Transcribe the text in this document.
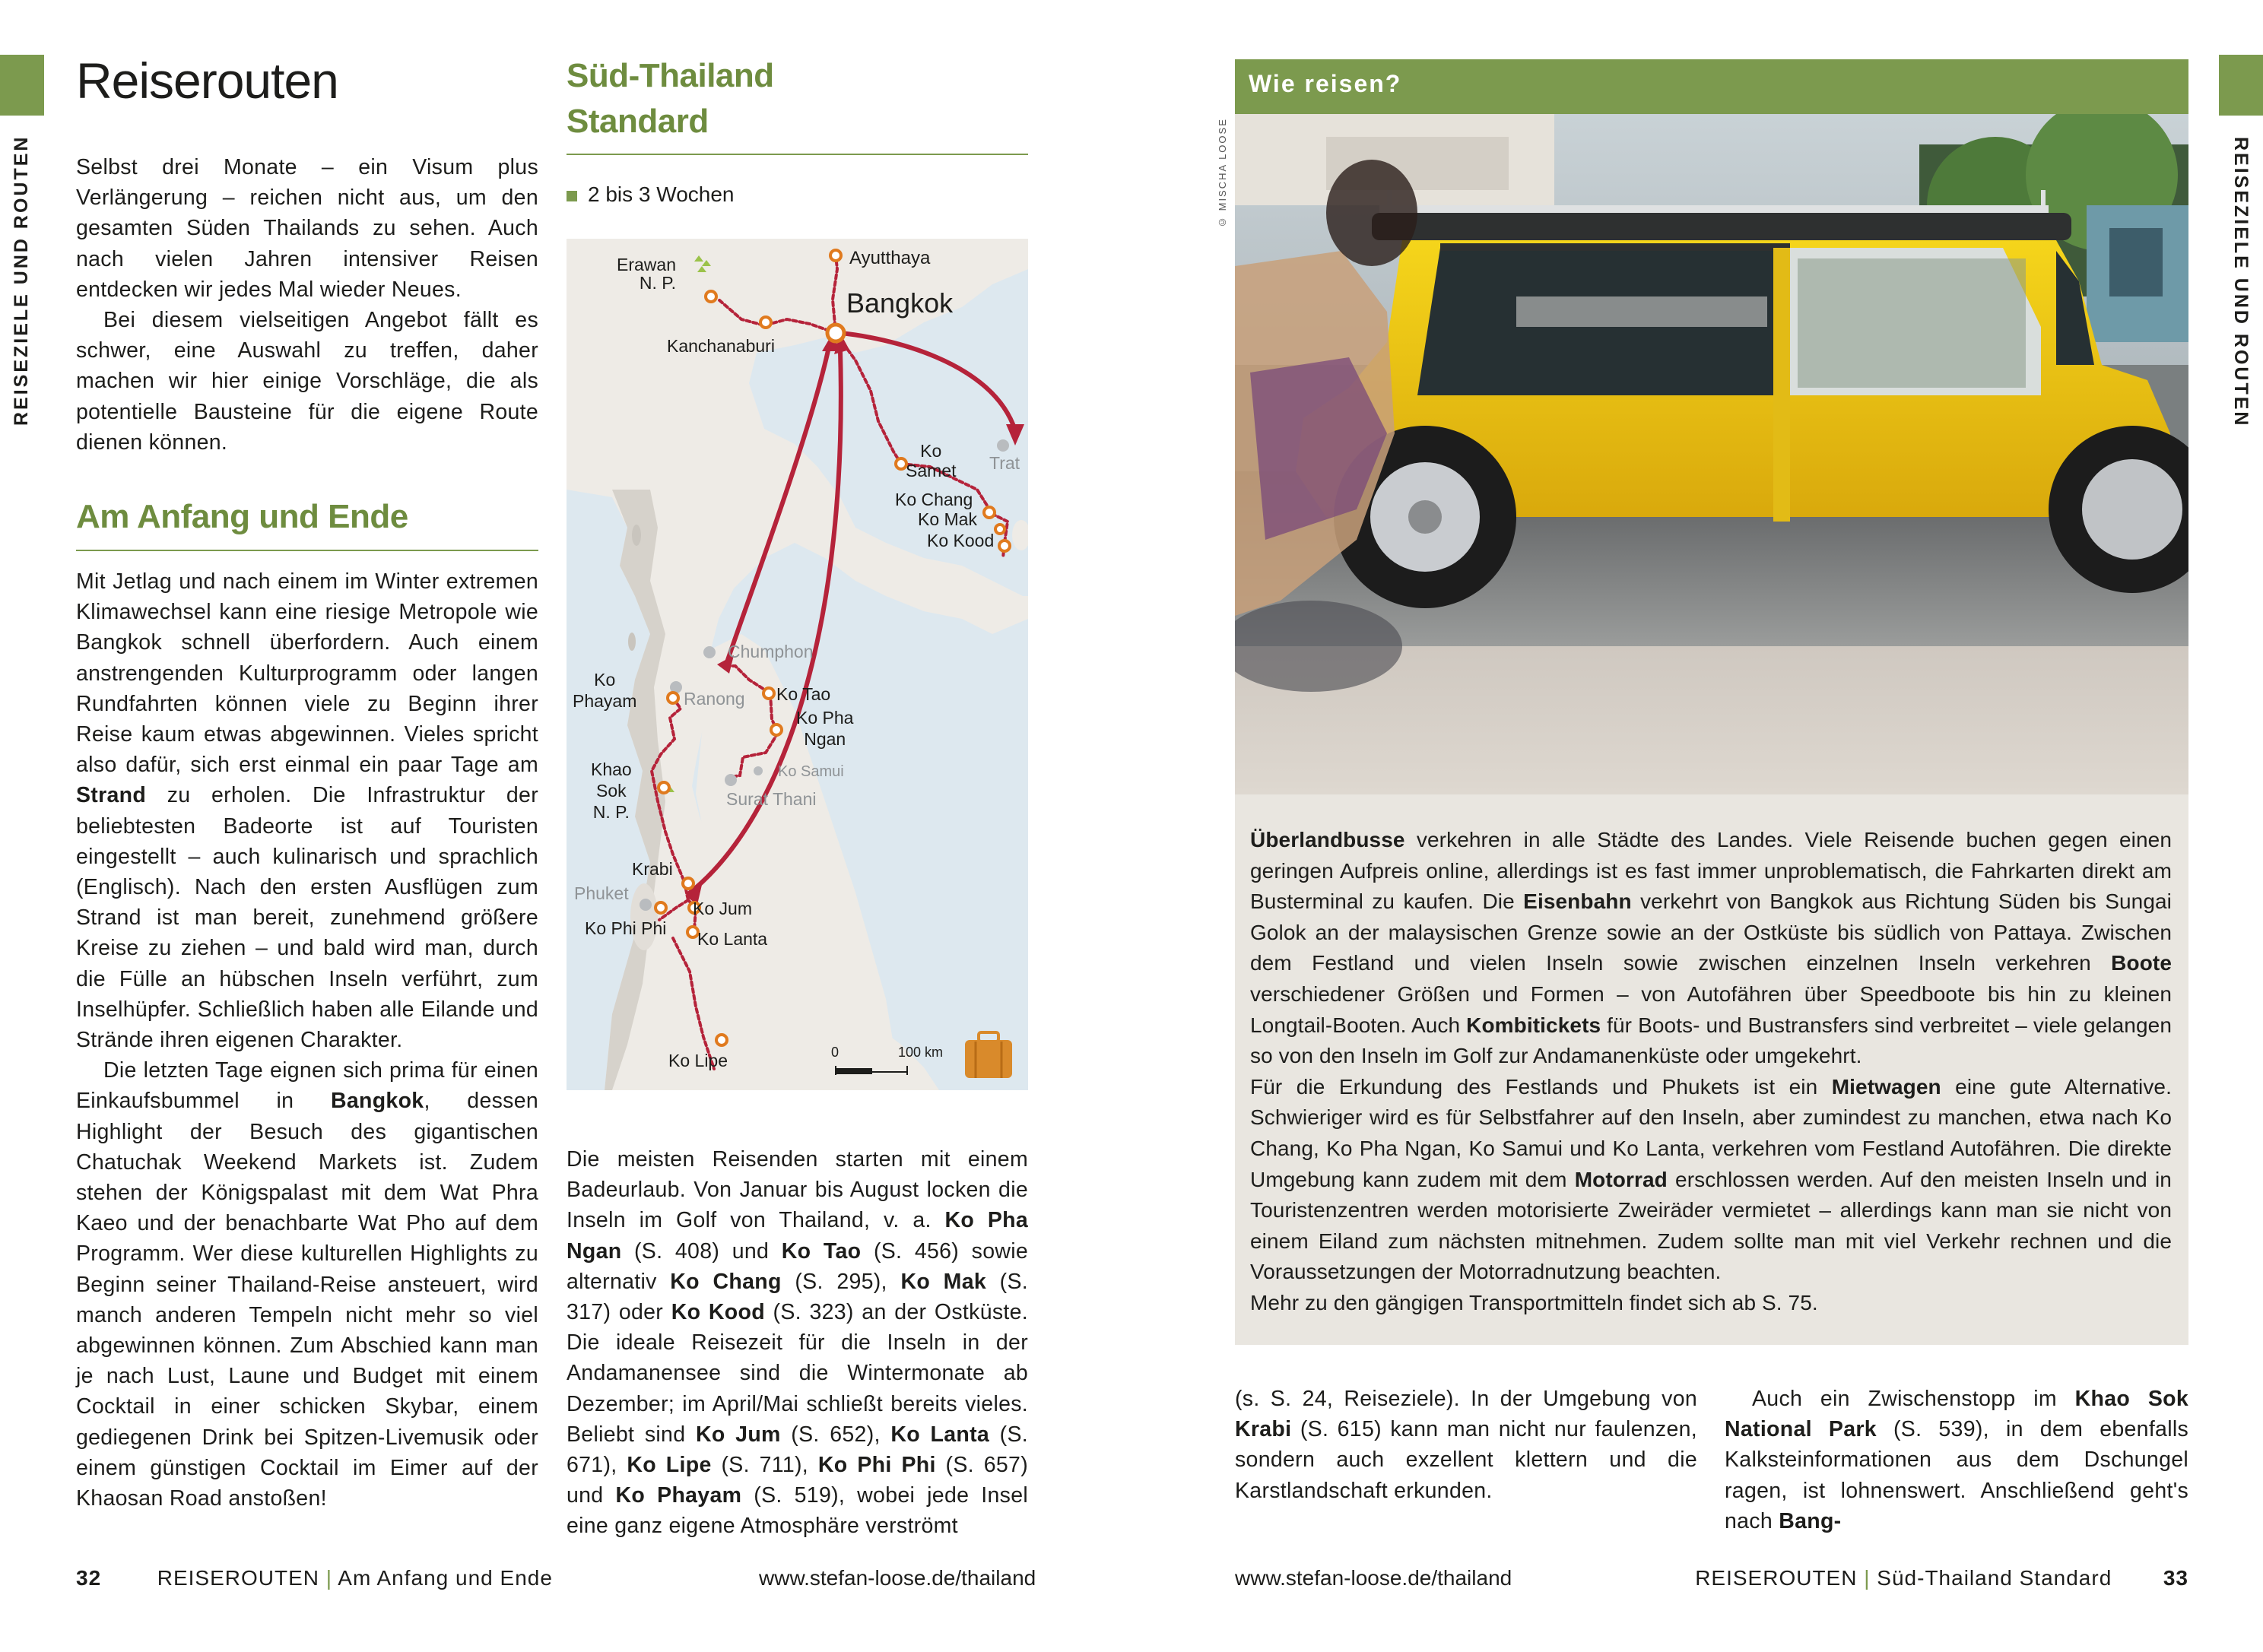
REISEZIELE UND ROUTEN
Reiserouten

Selbst drei Monate – ein Visum plus Verlängerung – reichen nicht aus, um den gesamten Süden Thailands zu sehen. Auch nach vielen Jahren intensiver Reisen entdecken wir jedes Mal wieder Neues.

Bei diesem vielseitigen Angebot fällt es schwer, eine Auswahl zu treffen, daher machen wir hier einige Vorschläge, die als potentielle Bausteine für die eigene Route dienen können.

Am Anfang und Ende

Mit Jetlag und nach einem im Winter extremen Klimawechsel kann eine riesige Metropole wie Bangkok schnell überfordern. Auch einem anstrengenden Kulturprogramm oder langen Rundfahrten können viele zu Beginn ihrer Reise kaum etwas abgewinnen. Vieles spricht also dafür, sich erst einmal ein paar Tage am Strand zu erholen. Die Infrastruktur der beliebtesten Badeorte ist auf Touristen eingestellt – auch kulinarisch und sprachlich (Englisch). Nach den ersten Ausflügen zum Strand ist man bereit, zunehmend größere Kreise zu ziehen – und bald wird man, durch die Fülle an hübschen Inseln verführt, zum Inselhüpfer. Schließlich haben alle Eilande und Strände ihren eigenen Charakter.

Die letzten Tage eignen sich prima für einen Einkaufsbummel in Bangkok, dessen Highlight der Besuch des gigantischen Chatuchak Weekend Markets ist. Zudem stehen der Königspalast mit dem Wat Phra Kaeo und der benachbarte Wat Pho auf dem Programm. Wer diese kulturellen Highlights zu Beginn seiner Thailand-Reise ansteuert, wird manch anderen Tempeln nicht mehr so viel abgewinnen können. Zum Abschied kann man je nach Lust, Laune und Budget mit einem Cocktail in einer schicken Skybar, einem gediegenen Drink bei Spitzen-Livemusik oder einem günstigen Cocktail im Eimer auf der Khaosan Road anstoßen!

Süd-Thailand
Standard
2 bis 3 Wochen
Ayutthaya
Erawan
N. P.
Bangkok
Kanchanaburi
Ko
Samet Trat
Ko Chang
Ko Mak
Ko Kood
Chumphon
Ko
Phayam	Ranong Ko Tao
Ko Pha
Ngan
Ko Samui
Surat Thani
Khao
Sok
N. P.
Krabi
Phuket
Ko Jum
Ko Phi Phi
Ko Lanta
Ko Lipe	0	100 km

Die meisten Reisenden starten mit einem Badeurlaub. Von Januar bis August locken die Inseln im Golf von Thailand, v. a. Ko Pha Ngan (S. 408) und Ko Tao (S. 456) sowie alternativ Ko Chang (S. 295), Ko Mak (S. 317) oder Ko Kood (S. 323) an der Ostküste. Die ideale Reisezeit für die Inseln in der Andamanensee sind die Wintermonate ab Dezember; im April/Mai schließt bereits vieles. Beliebt sind Ko Jum (S. 652), Ko Lanta (S. 671), Ko Lipe (S. 711), Ko Phi Phi (S. 657) und Ko Phayam (S. 519), wobei jede Insel eine ganz eigene Atmosphäre verströmt

32	REISEROUTEN | Am Anfang und Ende	www.stefan-loose.de/thailand
Wie reisen?
© MISCHA LOOSE

Überlandbusse verkehren in alle Städte des Landes. Viele Reisende buchen gegen einen geringen Aufpreis online, allerdings ist es fast immer unproblematisch, die Fahrkarten direkt am Busterminal zu kaufen. Die Eisenbahn verkehrt von Bangkok aus Richtung Süden bis Sungai Golok an der malaysischen Grenze sowie an der Ostküste bis südlich von Pattaya. Zwischen dem Festland und vielen Inseln sowie zwischen einzelnen Inseln verkehren Boote verschiedener Größen und Formen – von Autofähren über Speedboote bis hin zu kleinen Longtail-Booten. Auch Kombitickets für Boots- und Bustransfers sind verbreitet – viele gelangen so von den Inseln im Golf zur Andamanenküste oder umgekehrt.

Für die Erkundung des Festlands und Phukets ist ein Mietwagen eine gute Alternative. Schwieriger wird es für Selbstfahrer auf den Inseln, aber zumindest zu manchen, etwa nach Ko Chang, Ko Pha Ngan, Ko Samui und Ko Lanta, verkehren vom Festland Autofähren. Die direkte Umgebung kann zudem mit dem Motorrad erschlossen werden. Auf den meisten Inseln und in Touristenzentren werden motorisierte Zweiräder vermietet – allerdings kann man sie nicht von einem Eiland zum nächsten mitnehmen. Zudem sollte man mit viel Verkehr rechnen und die Voraussetzungen der Motorradnutzung beachten.

Mehr zu den gängigen Transportmitteln findet sich ab S. 75.

(s. S. 24, Reiseziele). In der Umgebung von Krabi (S. 615) kann man nicht nur faulenzen, sondern auch exzellent klettern und die Karstlandschaft erkunden.

Auch ein Zwischenstopp im Khao Sok National Park (S. 539), in dem ebenfalls Kalksteinformationen aus dem Dschungel ragen, ist lohnenswert. Anschließend geht's nach Bang-

REISEZIELE UND ROUTEN
www.stefan-loose.de/thailand	REISEROUTEN | Süd-Thailand Standard 33
